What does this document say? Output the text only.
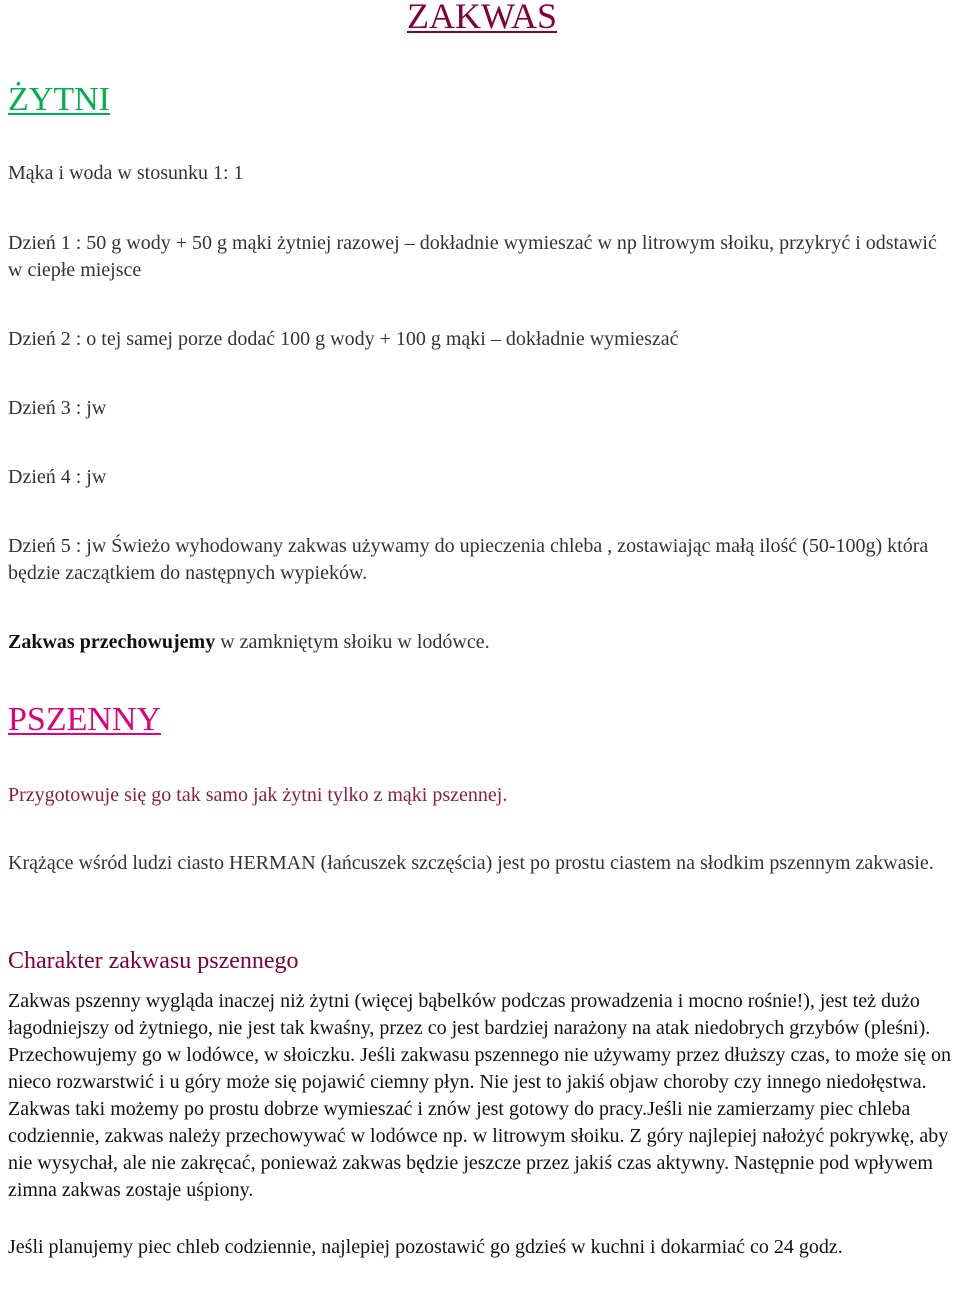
ZAKWAS
ŻYTNI

Mąka i woda w stosunku 1: 1

Dzień 1 : 50 g wody + 50 g mąki żytniej razowej – dokładnie wymieszać w np litrowym słoiku, przykryć i odstawić w ciepłe miejsce

Dzień 2 : o tej samej porze dodać 100 g wody + 100 g mąki – dokładnie wymieszać

Dzień 3 : jw

Dzień 4 : jw

Dzień 5 : jw Świeżo wyhodowany zakwas używamy do upieczenia chleba , zostawiając małą ilość (50-100g) która będzie zaczątkiem do następnych wypieków.

Zakwas przechowujemy w zamkniętym słoiku w lodówce.

PSZENNY

Przygotowuje się go tak samo jak żytni tylko z mąki pszennej.

Krążące wśród ludzi ciasto HERMAN (łańcuszek szczęścia) jest po prostu ciastem na słodkim pszennym zakwasie.

Charakter zakwasu pszennego

Zakwas pszenny wygląda inaczej niż żytni (więcej bąbelków podczas prowadzenia i mocno rośnie!), jest też dużo łagodniejszy od żytniego, nie jest tak kwaśny, przez co jest bardziej narażony na atak niedobrych grzybów (pleśni). Przechowujemy go w lodówce, w słoiczku. Jeśli zakwasu pszennego nie używamy przez dłuższy czas, to może się on nieco rozwarstwić i u góry może się pojawić ciemny płyn. Nie jest to jakiś objaw choroby czy innego niedołęstwa. Zakwas taki możemy po prostu dobrze wymieszać i znów jest gotowy do pracy.Jeśli nie zamierzamy piec chleba codziennie, zakwas należy przechowywać w lodówce np. w litrowym słoiku. Z góry najlepiej nałożyć pokrywkę, aby nie wysychał, ale nie zakręcać, ponieważ zakwas będzie jeszcze przez jakiś czas aktywny. Następnie pod wpływem zimna zakwas zostaje uśpiony.

Jeśli planujemy piec chleb codziennie, najlepiej pozostawić go gdzieś w kuchni i dokarmiać co 24 godz.
